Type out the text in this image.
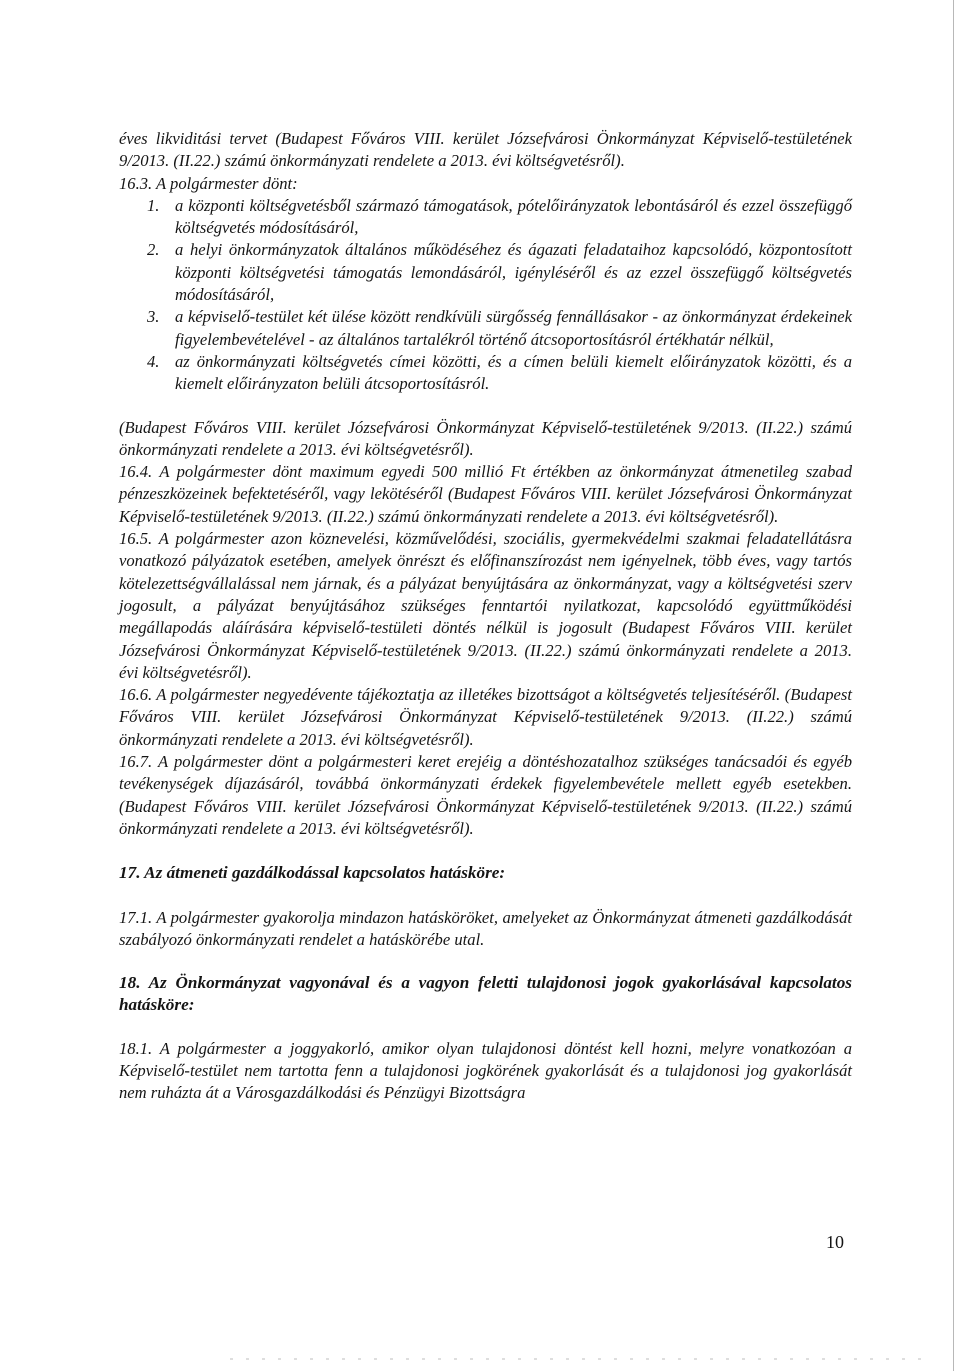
éves likviditási tervet (Budapest Főváros VIII. kerület Józsefvárosi Önkormányzat Képviselő-testületének 9/2013. (II.22.) számú önkormányzati rendelete a 2013. évi költségvetésről).

16.3. A polgármester dönt:

1. a központi költségvetésből származó támogatások, pótelőirányzatok lebontásáról és ezzel összefüggő költségvetés módosításáról,
2. a helyi önkormányzatok általános működéséhez és ágazati feladataihoz kapcsolódó, központosított központi költségvetési támogatás lemondásáról, igényléséről és az ezzel összefüggő költségvetés módosításáról,
3. a képviselő-testület két ülése között rendkívüli sürgősség fennállásakor - az önkormányzat érdekeinek figyelembevételével - az általános tartalékról történő átcsoportosításról értékhatár nélkül,
4. az önkormányzati költségvetés címei közötti, és a címen belüli kiemelt előirányzatok közötti, és a kiemelt előirányzaton belüli átcsoportosításról.

(Budapest Főváros VIII. kerület Józsefvárosi Önkormányzat Képviselő-testületének 9/2013. (II.22.) számú önkormányzati rendelete a 2013. évi költségvetésről).

16.4. A polgármester dönt maximum egyedi 500 millió Ft értékben az önkormányzat átmenetileg szabad pénzeszközeinek befektetéséről, vagy lekötéséről (Budapest Főváros VIII. kerület Józsefvárosi Önkormányzat Képviselő-testületének 9/2013. (II.22.) számú önkormányzati rendelete a 2013. évi költségvetésről).

16.5. A polgármester azon köznevelési, közművelődési, szociális, gyermekvédelmi szakmai feladatellátásra vonatkozó pályázatok esetében, amelyek önrészt és előfinanszírozást nem igényelnek, több éves, vagy tartós kötelezettségvállalással nem járnak, és a pályázat benyújtására az önkormányzat, vagy a költségvetési szerv jogosult, a pályázat benyújtásához szükséges fenntartói nyilatkozat, kapcsolódó együttműködési megállapodás aláírására képviselő-testületi döntés nélkül is jogosult (Budapest Főváros VIII. kerület Józsefvárosi Önkormányzat Képviselő-testületének 9/2013. (II.22.) számú önkormányzati rendelete a 2013. évi költségvetésről).

16.6. A polgármester negyedévente tájékoztatja az illetékes bizottságot a költségvetés teljesítéséről. (Budapest Főváros VIII. kerület Józsefvárosi Önkormányzat Képviselő-testületének 9/2013. (II.22.) számú önkormányzati rendelete a 2013. évi költségvetésről).

16.7. A polgármester dönt a polgármesteri keret erejéig a döntéshozatalhoz szükséges tanácsadói és egyéb tevékenységek díjazásáról, továbbá önkormányzati érdekek figyelembevétele mellett egyéb esetekben. (Budapest Főváros VIII. kerület Józsefvárosi Önkormányzat Képviselő-testületének 9/2013. (II.22.) számú önkormányzati rendelete a 2013. évi költségvetésről).

17. Az átmeneti gazdálkodással kapcsolatos hatásköre:

17.1. A polgármester gyakorolja mindazon hatásköröket, amelyeket az Önkormányzat átmeneti gazdálkodását szabályozó önkormányzati rendelet a hatáskörébe utal.

18. Az Önkormányzat vagyonával és a vagyon feletti tulajdonosi jogok gyakorlásával kapcsolatos hatásköre:

18.1. A polgármester a joggyakorló, amikor olyan tulajdonosi döntést kell hozni, melyre vonatkozóan a Képviselő-testület nem tartotta fenn a tulajdonosi jogkörének gyakorlását és a tulajdonosi jog gyakorlását nem ruházta át a Városgazdálkodási és Pénzügyi Bizottságra

10
